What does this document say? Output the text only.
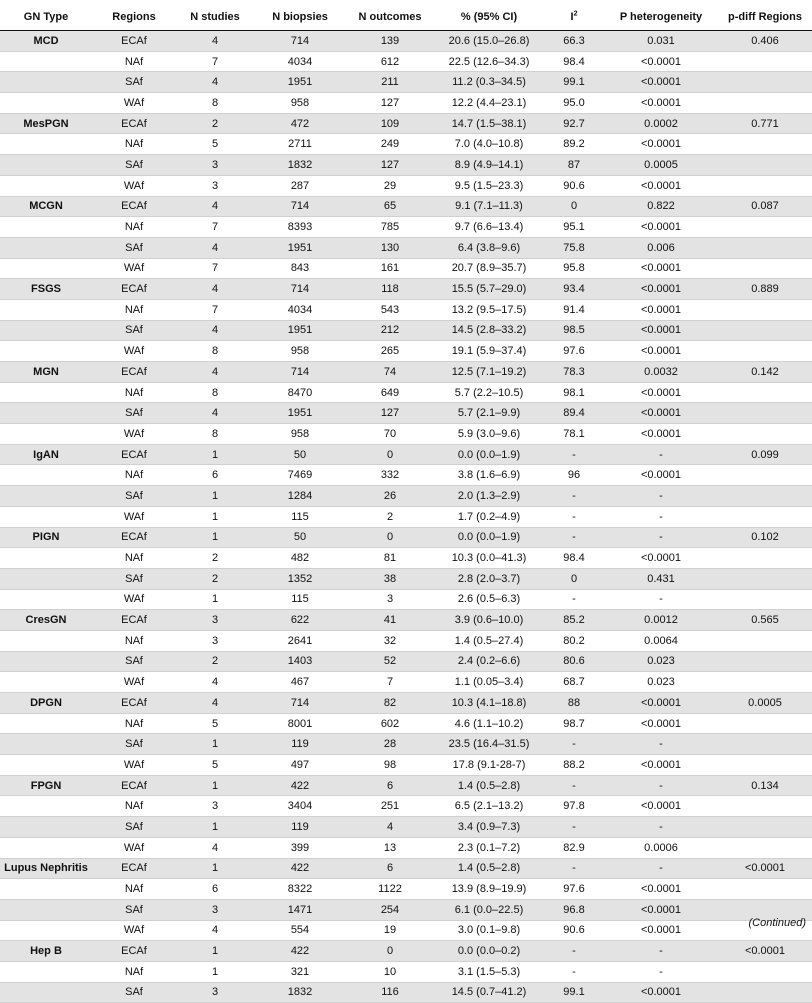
GN Type	Regions	N studies	N biopsies	N outcomes	% (95% CI)	$I^2$	P heterogeneity	p-diff Regions
MCD	ECAf	4	714	139	20.6 (15.0–26.8)	66.3	0.031	0.406
	NAf	7	4034	612	22.5 (12.6–34.3)	98.4	<0.0001	
	SAf	4	1951	211	11.2 (0.3–34.5)	99.1	<0.0001	
	WAf	8	958	127	12.2 (4.4–23.1)	95.0	<0.0001	
MesPGN	ECAf	2	472	109	14.7 (1.5–38.1)	92.7	0.0002	0.771
	NAf	5	2711	249	7.0 (4.0–10.8)	89.2	<0.0001	
	SAf	3	1832	127	8.9 (4.9–14.1)	87	0.0005	
	WAf	3	287	29	9.5 (1.5–23.3)	90.6	<0.0001	
MCGN	ECAf	4	714	65	9.1 (7.1–11.3)	0	0.822	0.087
	NAf	7	8393	785	9.7 (6.6–13.4)	95.1	<0.0001	
	SAf	4	1951	130	6.4 (3.8–9.6)	75.8	0.006	
	WAf	7	843	161	20.7 (8.9–35.7)	95.8	<0.0001	
FSGS	ECAf	4	714	118	15.5 (5.7–29.0)	93.4	<0.0001	0.889
	NAf	7	4034	543	13.2 (9.5–17.5)	91.4	<0.0001	
	SAf	4	1951	212	14.5 (2.8–33.2)	98.5	<0.0001	
	WAf	8	958	265	19.1 (5.9–37.4)	97.6	<0.0001	
MGN	ECAf	4	714	74	12.5 (7.1–19.2)	78.3	0.0032	0.142
	NAf	8	8470	649	5.7 (2.2–10.5)	98.1	<0.0001	
	SAf	4	1951	127	5.7 (2.1–9.9)	89.4	<0.0001	
	WAf	8	958	70	5.9 (3.0–9.6)	78.1	<0.0001	
IgAN	ECAf	1	50	0	0.0 (0.0–1.9)	-	-	0.099
	NAf	6	7469	332	3.8 (1.6–6.9)	96	<0.0001	
	SAf	1	1284	26	2.0 (1.3–2.9)	-	-	
	WAf	1	115	2	1.7 (0.2–4.9)	-	-	
PIGN	ECAf	1	50	0	0.0 (0.0–1.9)	-	-	0.102
	NAf	2	482	81	10.3 (0.0–41.3)	98.4	<0.0001	
	SAf	2	1352	38	2.8 (2.0–3.7)	0	0.431	
	WAf	1	115	3	2.6 (0.5–6.3)	-	-	
CresGN	ECAf	3	622	41	3.9 (0.6–10.0)	85.2	0.0012	0.565
	NAf	3	2641	32	1.4 (0.5–27.4)	80.2	0.0064	
	SAf	2	1403	52	2.4 (0.2–6.6)	80.6	0.023	
	WAf	4	467	7	1.1 (0.05–3.4)	68.7	0.023	
DPGN	ECAf	4	714	82	10.3 (4.1–18.8)	88	<0.0001	0.0005
	NAf	5	8001	602	4.6 (1.1–10.2)	98.7	<0.0001	
	SAf	1	119	28	23.5 (16.4–31.5)	-	-	
	WAf	5	497	98	17.8 (9.1-28-7)	88.2	<0.0001	
FPGN	ECAf	1	422	6	1.4 (0.5–2.8)	-	-	0.134
	NAf	3	3404	251	6.5 (2.1–13.2)	97.8	<0.0001	
	SAf	1	119	4	3.4 (0.9–7.3)	-	-	
	WAf	4	399	13	2.3 (0.1–7.2)	82.9	0.0006	
Lupus Nephritis	ECAf	1	422	6	1.4 (0.5–2.8)	-	-	<0.0001
	NAf	6	8322	1122	13.9 (8.9–19.9)	97.6	<0.0001	
	SAf	3	1471	254	6.1 (0.0–22.5)	96.8	<0.0001	
	WAf	4	554	19	3.0 (0.1–9.8)	90.6	<0.0001	
Hep B	ECAf	1	422	0	0.0 (0.0–0.2)	-	-	<0.0001
	NAf	1	321	10	3.1 (1.5–5.3)	-	-	
	SAf	3	1832	116	14.5 (0.7–41.2)	99.1	<0.0001	
(Continued)
